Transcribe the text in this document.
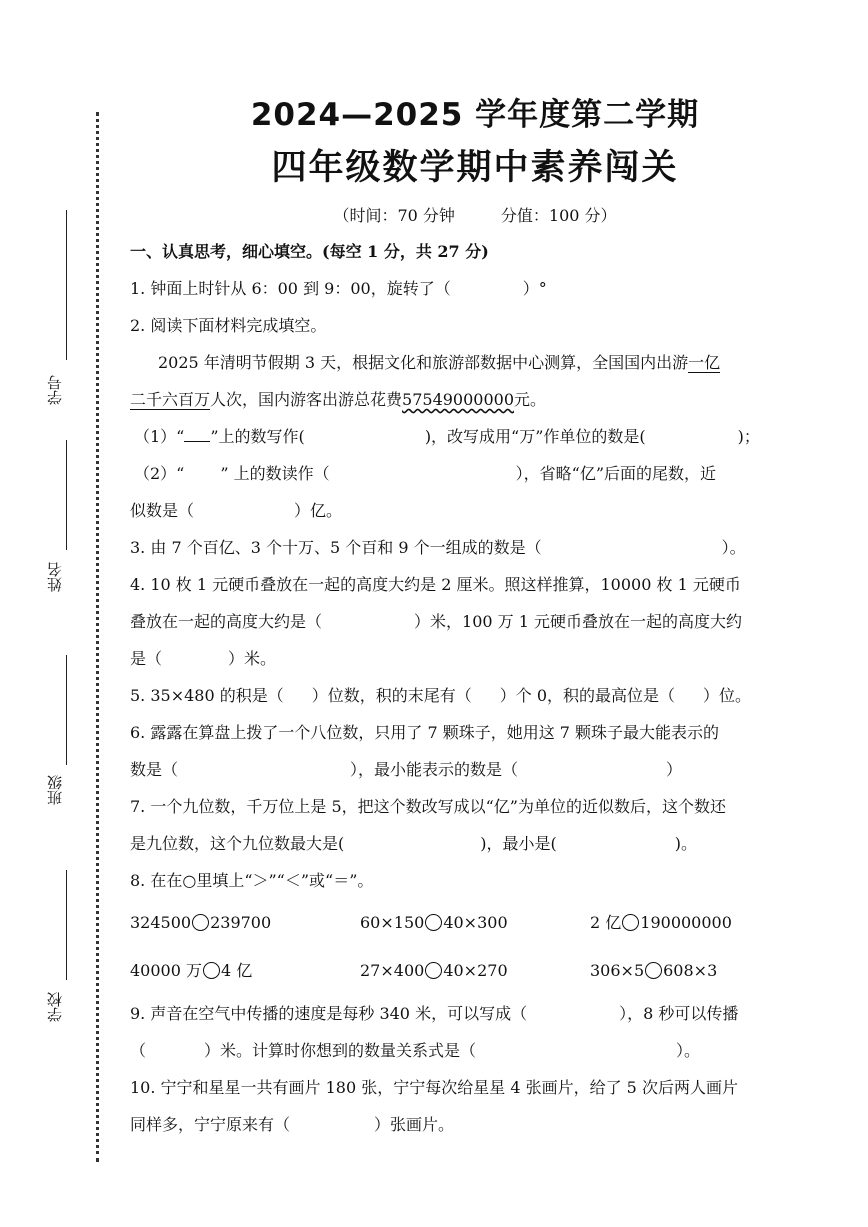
学号
姓名
班级
学校
2024—2025 学年度第二学期
四年级数学期中素养闯关
（时间：70 分钟	分值：100 分）
一、认真思考，细心填空。(每空 1 分，共 27 分)
1. 钟面上时针从 6：00 到 9：00，旋转了（	）°
2. 阅读下面材料完成填空。
2025 年清明节假期 3 天，根据文化和旅游部数据中心测算，全国国内出游一亿
二千六百万人次，国内游客出游总花费57549000000元。
（1）“ ”上的数写作(	)，改写成用“万”作单位的数是(	)；
（2）“ ” 上的数读作（	），省略“亿”后面的尾数，近
似数是（	）亿。
3. 由 7 个百亿、3 个十万、5 个百和 9 个一组成的数是（	）。
4. 10 枚 1 元硬币叠放在一起的高度大约是 2 厘米。照这样推算，10000 枚 1 元硬币
叠放在一起的高度大约是（	）米，100 万 1 元硬币叠放在一起的高度大约
是（	）米。
5. 35×480 的积是（ ）位数，积的末尾有（ ）个 0，积的最高位是（ ）位。
6. 露露在算盘上拨了一个八位数，只用了 7 颗珠子，她用这 7 颗珠子最大能表示的
数是（	），最小能表示的数是（	）
7. 一个九位数，千万位上是 5，把这个数改写成以“亿”为单位的近似数后，这个数还
是九位数，这个九位数最大是(	)，最小是(	)。
8. 在在○里填上“＞”“＜”或“＝”。
324500 239700	60×150 40×300	2 亿 190000000
40000 万 4 亿	27×400 40×270	306×5 608×3
9. 声音在空气中传播的速度是每秒 340 米，可以写成（	），8 秒可以传播
（	）米。计算时你想到的数量关系式是（	）。
10. 宁宁和星星一共有画片 180 张，宁宁每次给星星 4 张画片，给了 5 次后两人画片
同样多，宁宁原来有（	）张画片。
